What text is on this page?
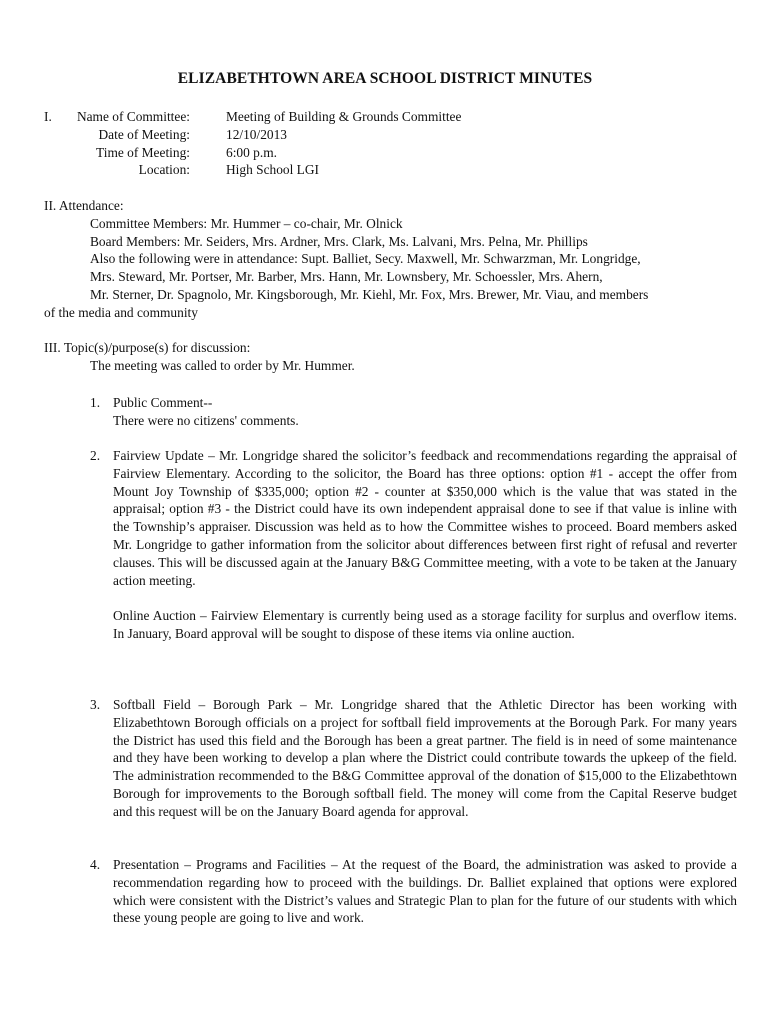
ELIZABETHTOWN AREA SCHOOL DISTRICT MINUTES
I.	Name of Committee:	Meeting of Building & Grounds Committee
Date of Meeting:	12/10/2013
Time of Meeting:	6:00 p.m.
Location:	High School LGI
II. Attendance:
Committee Members: Mr. Hummer – co-chair, Mr. Olnick
Board Members: Mr. Seiders, Mrs. Ardner, Mrs. Clark, Ms. Lalvani, Mrs. Pelna, Mr. Phillips
Also the following were in attendance: Supt. Balliet, Secy. Maxwell, Mr. Schwarzman, Mr. Longridge,
Mrs. Steward, Mr. Portser, Mr. Barber, Mrs. Hann, Mr. Lownsbery, Mr. Schoessler, Mrs. Ahern,
Mr. Sterner, Dr. Spagnolo, Mr. Kingsborough, Mr. Kiehl, Mr. Fox, Mrs. Brewer, Mr. Viau, and members
of the media and community
III. Topic(s)/purpose(s) for discussion:
The meeting was called to order by Mr. Hummer.
1. Public Comment--

There were no citizens' comments.

2. Fairview Update – Mr. Longridge shared the solicitor’s feedback and recommendations regarding the appraisal of Fairview Elementary. According to the solicitor, the Board has three options: option #1 - accept the offer from Mount Joy Township of $335,000; option #2 - counter at $350,000 which is the value that was stated in the appraisal; option #3 - the District could have its own independent appraisal done to see if that value is inline with the Township’s appraiser. Discussion was held as to how the Committee wishes to proceed. Board members asked Mr. Longridge to gather information from the solicitor about differences between first right of refusal and reverter clauses. This will be discussed again at the January B&G Committee meeting, with a vote to be taken at the January action meeting.

Online Auction – Fairview Elementary is currently being used as a storage facility for surplus and overflow items. In January, Board approval will be sought to dispose of these items via online auction.

3. Softball Field – Borough Park – Mr. Longridge shared that the Athletic Director has been working with Elizabethtown Borough officials on a project for softball field improvements at the Borough Park. For many years the District has used this field and the Borough has been a great partner. The field is in need of some maintenance and they have been working to develop a plan where the District could contribute towards the upkeep of the field. The administration recommended to the B&G Committee approval of the donation of $15,000 to the Elizabethtown Borough for improvements to the Borough softball field. The money will come from the Capital Reserve budget and this request will be on the January Board agenda for approval.

4. Presentation – Programs and Facilities – At the request of the Board, the administration was asked to provide a recommendation regarding how to proceed with the buildings. Dr. Balliet explained that options were explored which were consistent with the District’s values and Strategic Plan to plan for the future of our students with which these young people are going to live and work.
